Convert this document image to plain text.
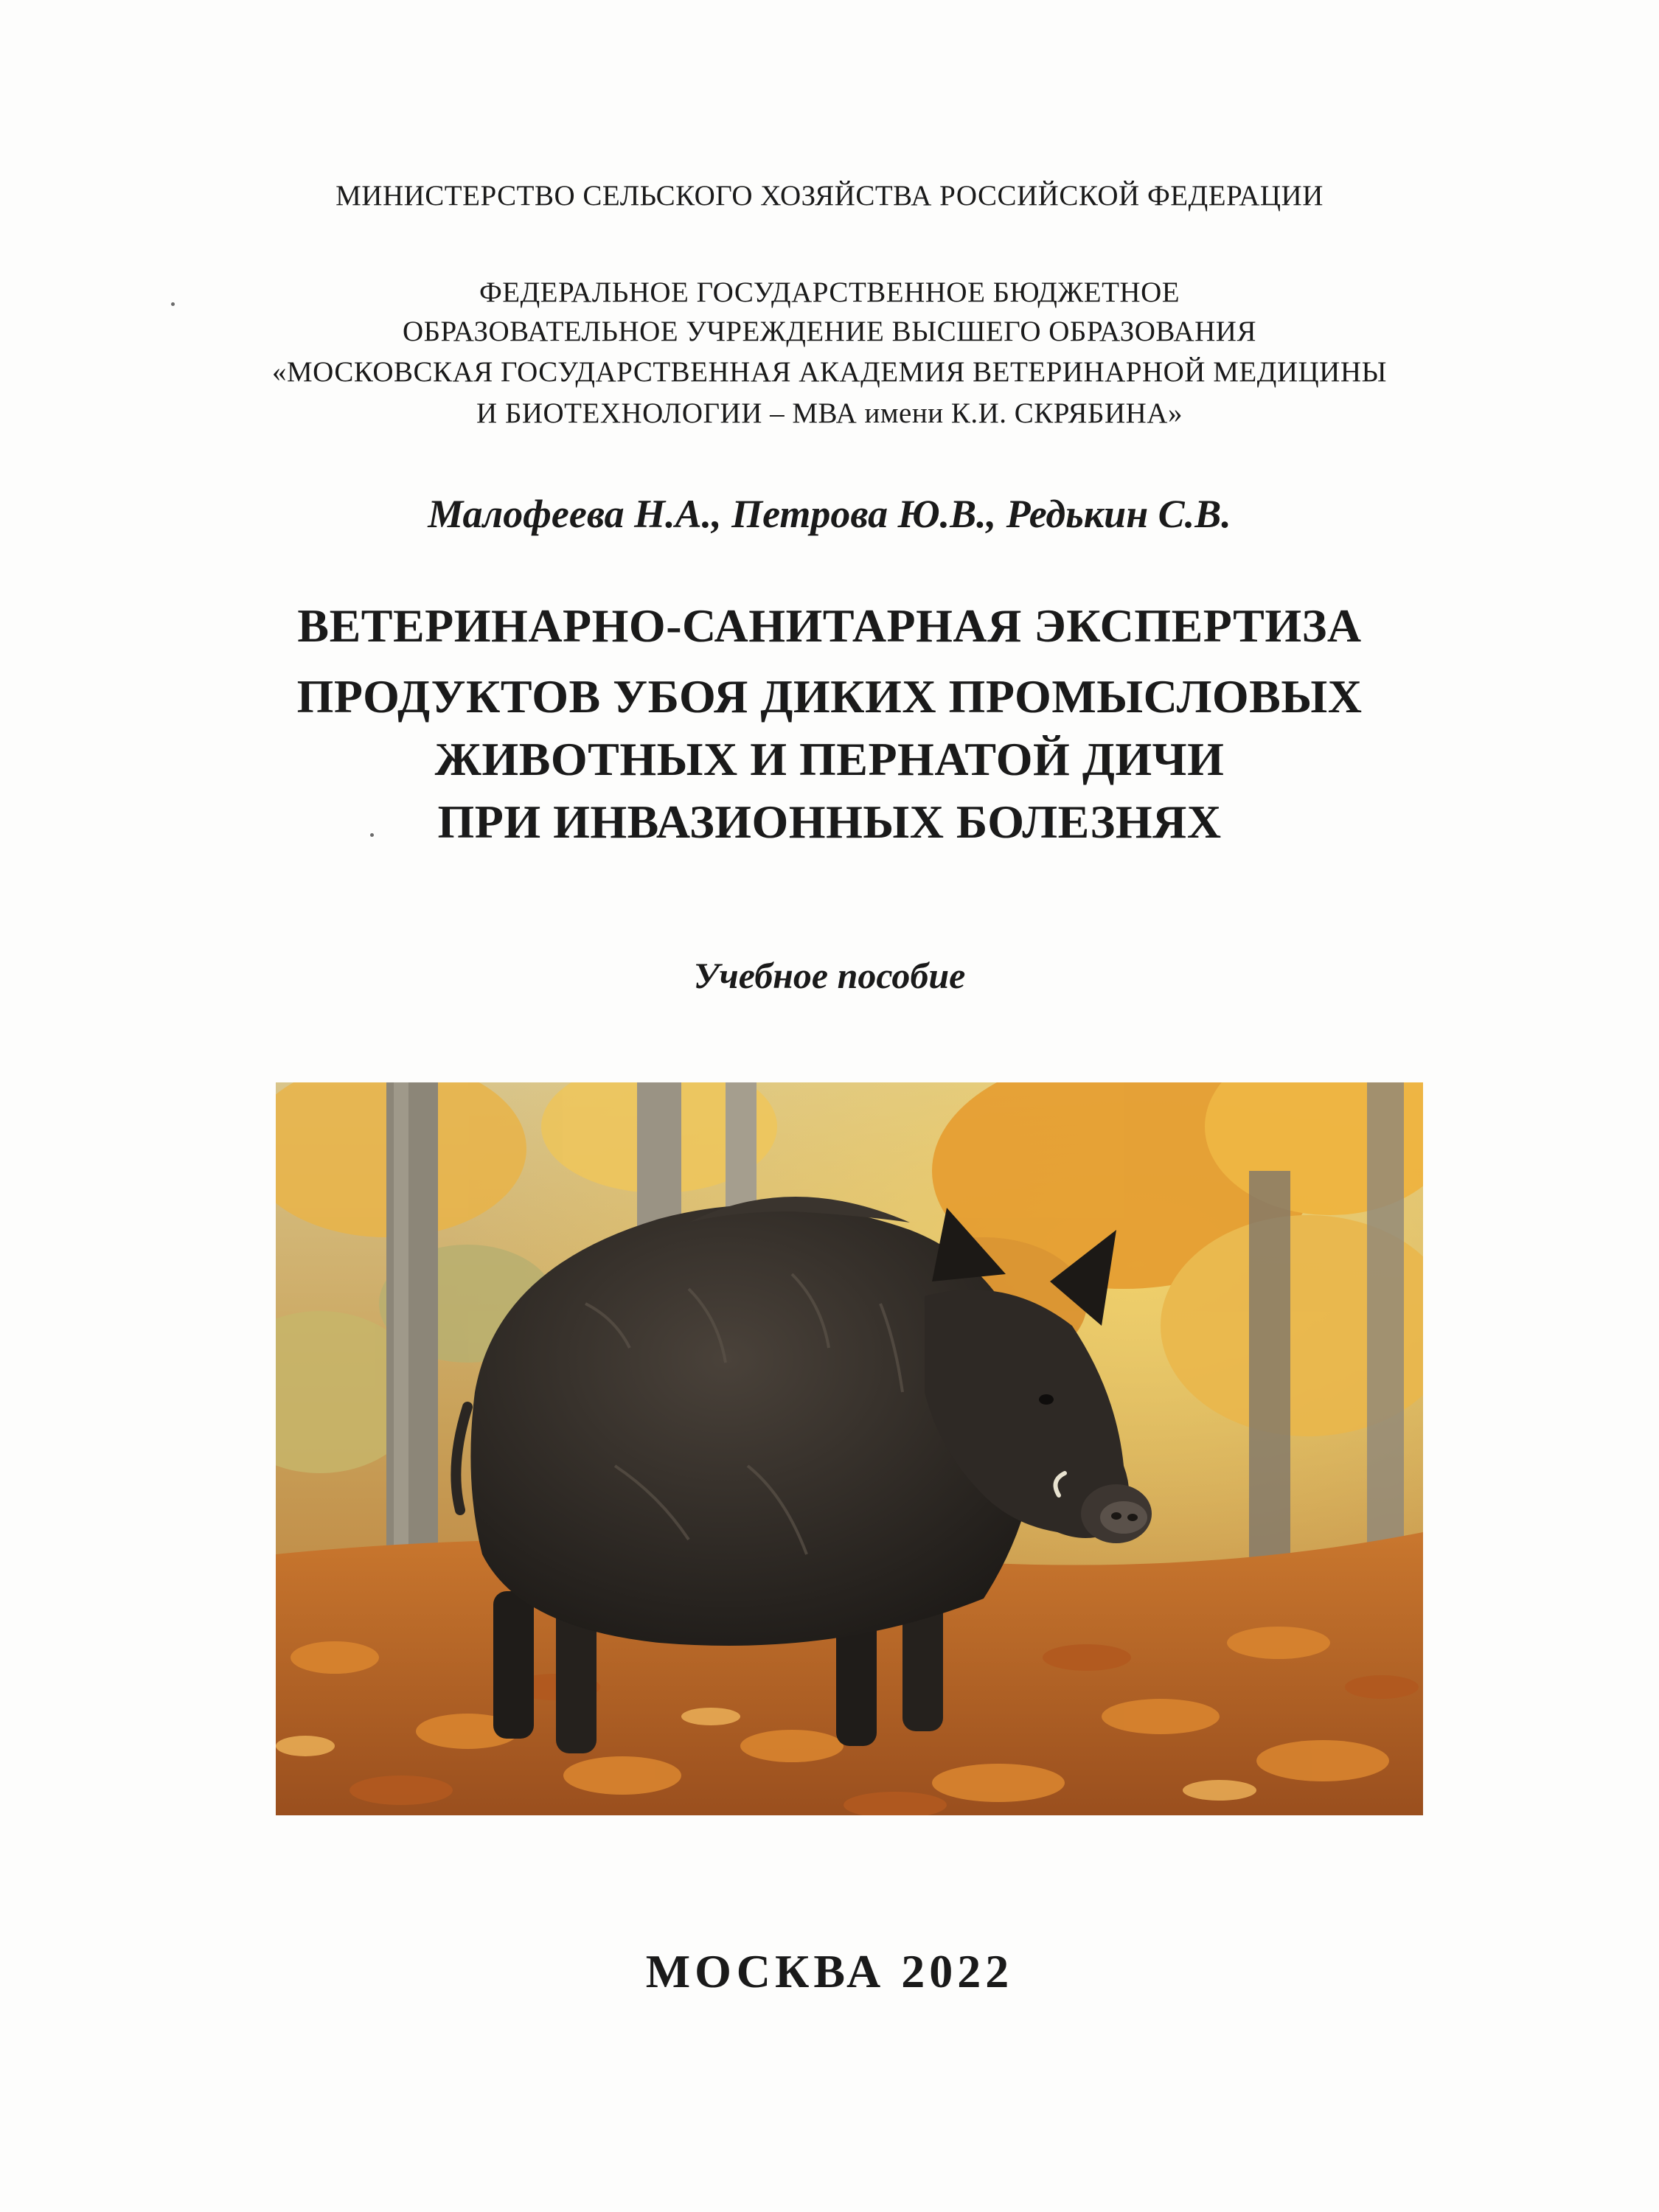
МИНИСТЕРСТВО СЕЛЬСКОГО ХОЗЯЙСТВА РОССИЙСКОЙ ФЕДЕРАЦИИ
ФЕДЕРАЛЬНОЕ ГОСУДАРСТВЕННОЕ БЮДЖЕТНОЕ
ОБРАЗОВАТЕЛЬНОЕ УЧРЕЖДЕНИЕ ВЫСШЕГО ОБРАЗОВАНИЯ
«МОСКОВСКАЯ ГОСУДАРСТВЕННАЯ АКАДЕМИЯ ВЕТЕРИНАРНОЙ МЕДИЦИНЫ
И БИОТЕХНОЛОГИИ – МВА имени К.И. СКРЯБИНА»
Малофеева Н.А., Петрова Ю.В., Редькин С.В.
ВЕТЕРИНАРНО-САНИТАРНАЯ ЭКСПЕРТИЗА
ПРОДУКТОВ УБОЯ ДИКИХ ПРОМЫСЛОВЫХ
ЖИВОТНЫХ И ПЕРНАТОЙ ДИЧИ
ПРИ ИНВАЗИОННЫХ БОЛЕЗНЯХ
Учебное пособие
МОСКВА 2022
